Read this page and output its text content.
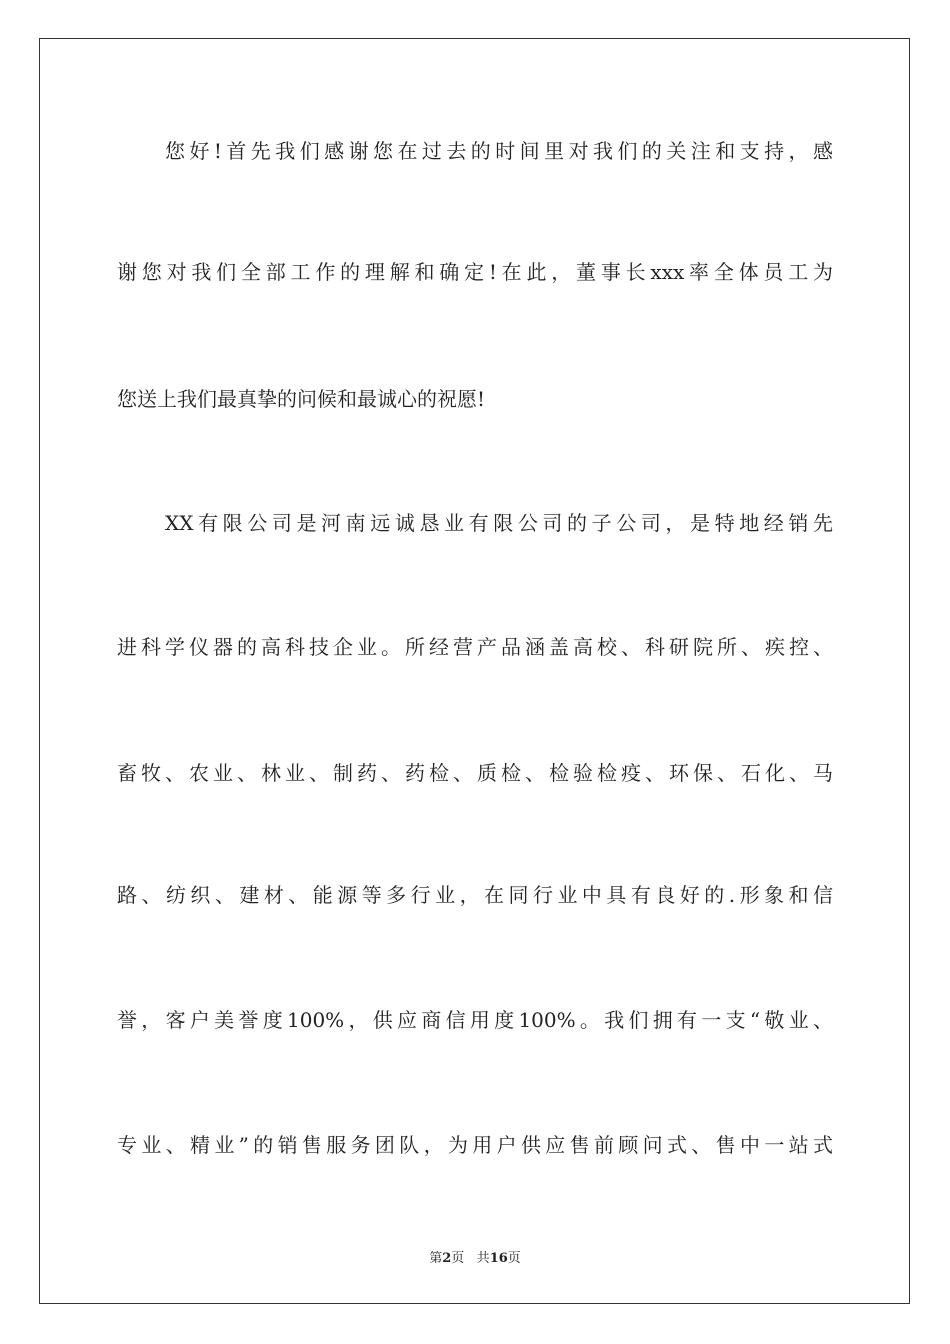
您好!首先我们感谢您在过去的时间里对我们的关注和支持，感
谢您对我们全部工作的理解和确定!在此，董事长xxx率全体员工为
您送上我们最真挚的问候和最诚心的祝愿!
XX有限公司是河南远诚恳业有限公司的子公司，是特地经销先
进科学仪器的高科技企业。所经营产品涵盖高校、科研院所、疾控、
畜牧、农业、林业、制药、药检、质检、检验检疫、环保、石化、马
路、纺织、建材、能源等多行业，在同行业中具有良好的.形象和信
誉，客户美誉度100%，供应商信用度100%。我们拥有一支“敬业、
专业、精业”的销售服务团队，为用户供应售前顾问式、售中一站式
第2页 共16页
